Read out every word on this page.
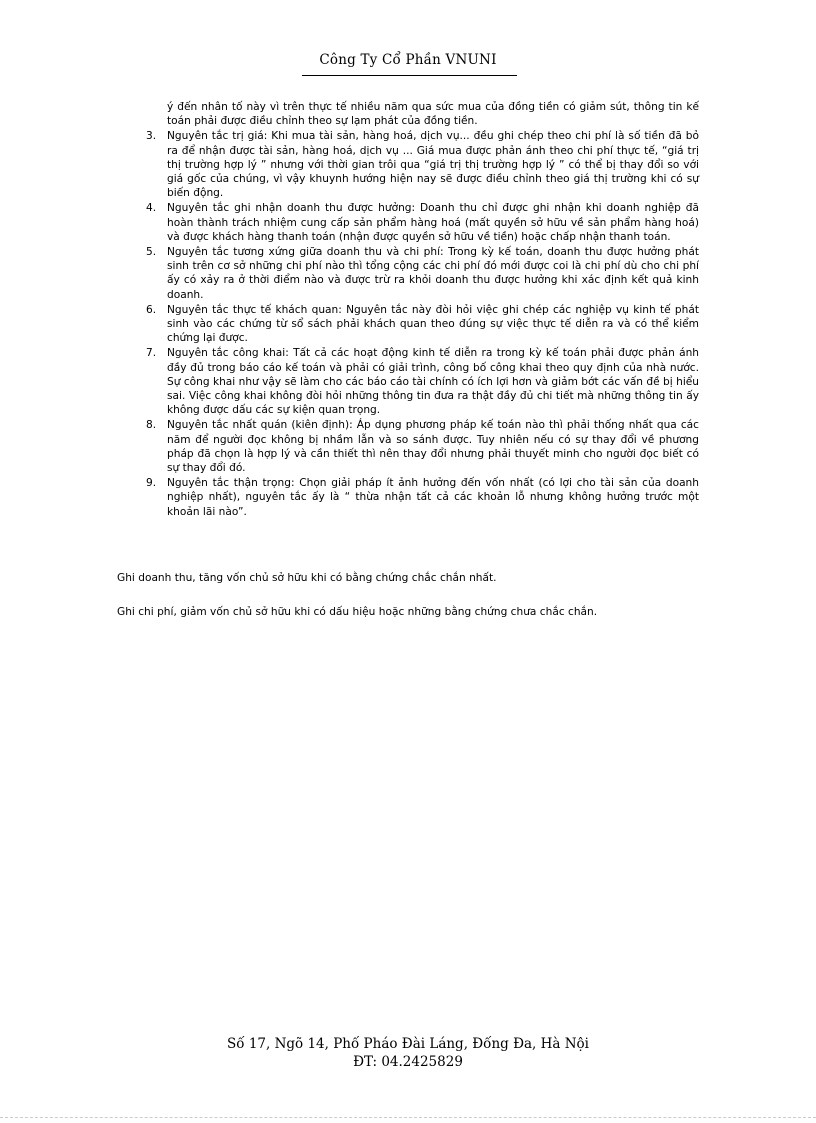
Công Ty Cổ Phần VNUNI
ý đến nhân tố này vì trên thực tế nhiều năm qua sức mua của đồng tiền có giảm sút, thông tin kế toán phải được điều chỉnh theo sự lạm phát của đồng tiền.
3.	Nguyên tắc trị giá: Khi mua tài sản, hàng hoá, dịch vụ... đều ghi chép theo chi phí là số tiền đã bỏ ra để nhận được tài sản, hàng hoá, dịch vụ ... Giá mua được phản ánh theo chi phí thực tế, “giá trị thị trường hợp lý ” nhưng với thời gian trôi qua “giá trị thị trường hợp lý ” có thể bị thay đổi so với giá gốc của chúng, vì vậy khuynh hướng hiện nay sẽ được điều chỉnh theo giá thị trường khi có sự biến động.
4.	Nguyên tắc ghi nhận doanh thu được hưởng: Doanh thu chỉ được ghi nhận khi doanh nghiệp đã hoàn thành trách nhiệm cung cấp sản phẩm hàng hoá (mất quyền sở hữu về sản phẩm hàng hoá) và được khách hàng thanh toán (nhận được quyền sở hữu về tiền) hoặc chấp nhận thanh toán.
5.	Nguyên tắc tương xứng giữa doanh thu và chi phí: Trong kỳ kế toán, doanh thu được hưởng phát sinh trên cơ sở những chi phí nào thì tổng cộng các chi phí đó mới được coi là chi phí dù cho chi phí ấy có xảy ra ở thời điểm nào và được trừ ra khỏi doanh thu được hưởng khi xác định kết quả kinh doanh.
6.	Nguyên tắc thực tế khách quan: Nguyên tắc này đòi hỏi việc ghi chép các nghiệp vụ kinh tế phát sinh vào các chứng từ sổ sách phải khách quan theo đúng sự việc thực tế diễn ra và có thể kiểm chứng lại được.
7.	Nguyên tắc công khai: Tất cả các hoạt động kinh tế diễn ra trong kỳ kế toán phải được phản ánh đầy đủ trong báo cáo kế toán và phải có giải trình, công bố công khai theo quy định của nhà nước. Sự công khai như vậy sẽ làm cho các báo cáo tài chính có ích lợi hơn và giảm bớt các vấn đề bị hiểu sai. Việc công khai không đòi hỏi những thông tin đưa ra thật đầy đủ chi tiết mà những thông tin ấy không được dấu các sự kiện quan trọng.
8.	Nguyên tắc nhất quán (kiên định): Áp dụng phương pháp kế toán nào thì phải thống nhất qua các năm để người đọc không bị nhầm lẫn và so sánh được. Tuy nhiên nếu có sự thay đổi về phương pháp đã chọn là hợp lý và cần thiết thì nên thay đổi nhưng phải thuyết minh cho người đọc biết có sự thay đổi đó.
9.	Nguyên tắc thận trọng: Chọn giải pháp ít ảnh hưởng đến vốn nhất (có lợi cho tài sản của doanh nghiệp nhất), nguyên tắc ấy là “ thừa nhận tất cả các khoản lỗ nhưng không hưởng trước một khoản lãi nào”.

Ghi doanh thu, tăng vốn chủ sở hữu khi có bằng chứng chắc chắn nhất.

Ghi chi phí, giảm vốn chủ sở hữu khi có dấu hiệu hoặc những bằng chứng chưa chắc chắn.

Số 17, Ngõ 14, Phố Pháo Đài Láng, Đống Đa, Hà Nội
ĐT: 04.2425829
